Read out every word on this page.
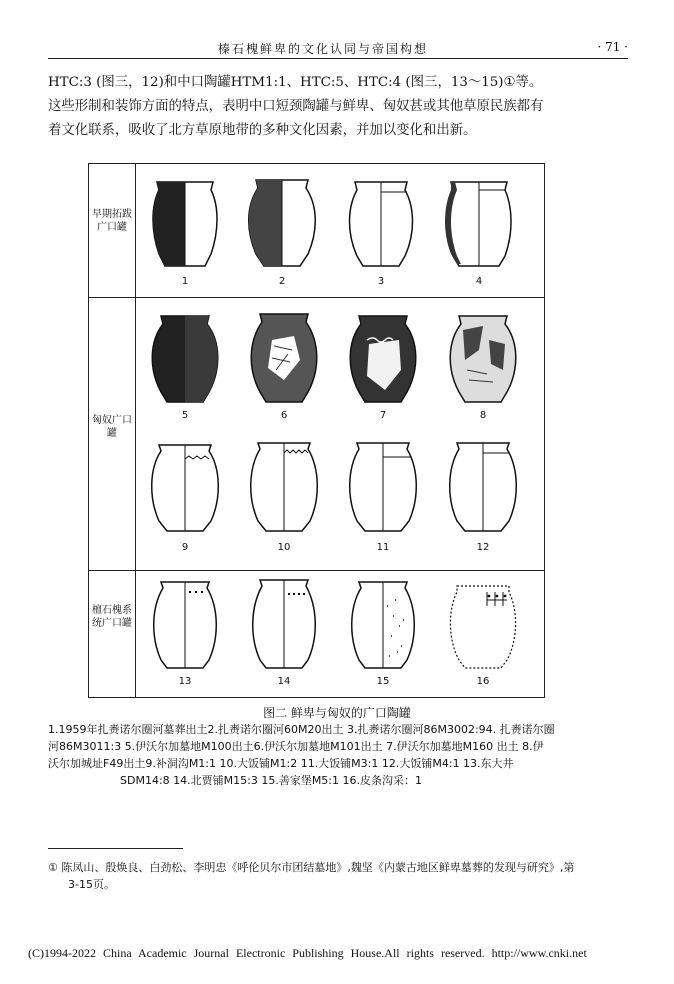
榛石槐鲜卑的文化认同与帝国构想	· 71 ·
HTC:3 (图三，12)和中口陶罐HTM1:1、HTC:5、HTC:4 (图三，13～15)①等。
这些形制和装饰方面的特点，表明中口短颈陶罐与鲜卑、匈奴甚或其他草原民族都有
着文化联系，吸收了北方草原地带的多种文化因素，并加以变化和出新。
早期拓跋广口罐
匈奴广口罐
檀石槐系统广口罐
1	2	3	4
5	6	7	8
9	10	11	12
13	14	15	16
图二 鲜卑与匈奴的广口陶罐
1.1959年扎赉诺尔圈河墓葬出土2.扎赉诺尔圈河60M20出土 3.扎赉诺尔圈河86M3002:94. 扎赉诺尔圈
河86M3011:3 5.伊沃尔加墓地M100出土6.伊沃尔加墓地M101出土 7.伊沃尔加墓地M160 出土 8.伊
沃尔加城址F49出土9.补洞沟M1:1 10.大饭铺M1:2 11.大饭铺M3:1 12.大饭铺M4:1 13.东大井
SDM14:8 14.北贾铺M15:3 15.善家堡M5:1 16.皮条沟采：1
① 陈凤山、殷焕良、白劲松、李明忠《呼伦贝尔市团结墓地》,魏坚《内蒙古地区鲜卑墓葬的发现与研究》,第
3-15页。
(C)1994-2022 China Academic Journal Electronic Publishing House.All rights reserved. http://www.cnki.net
